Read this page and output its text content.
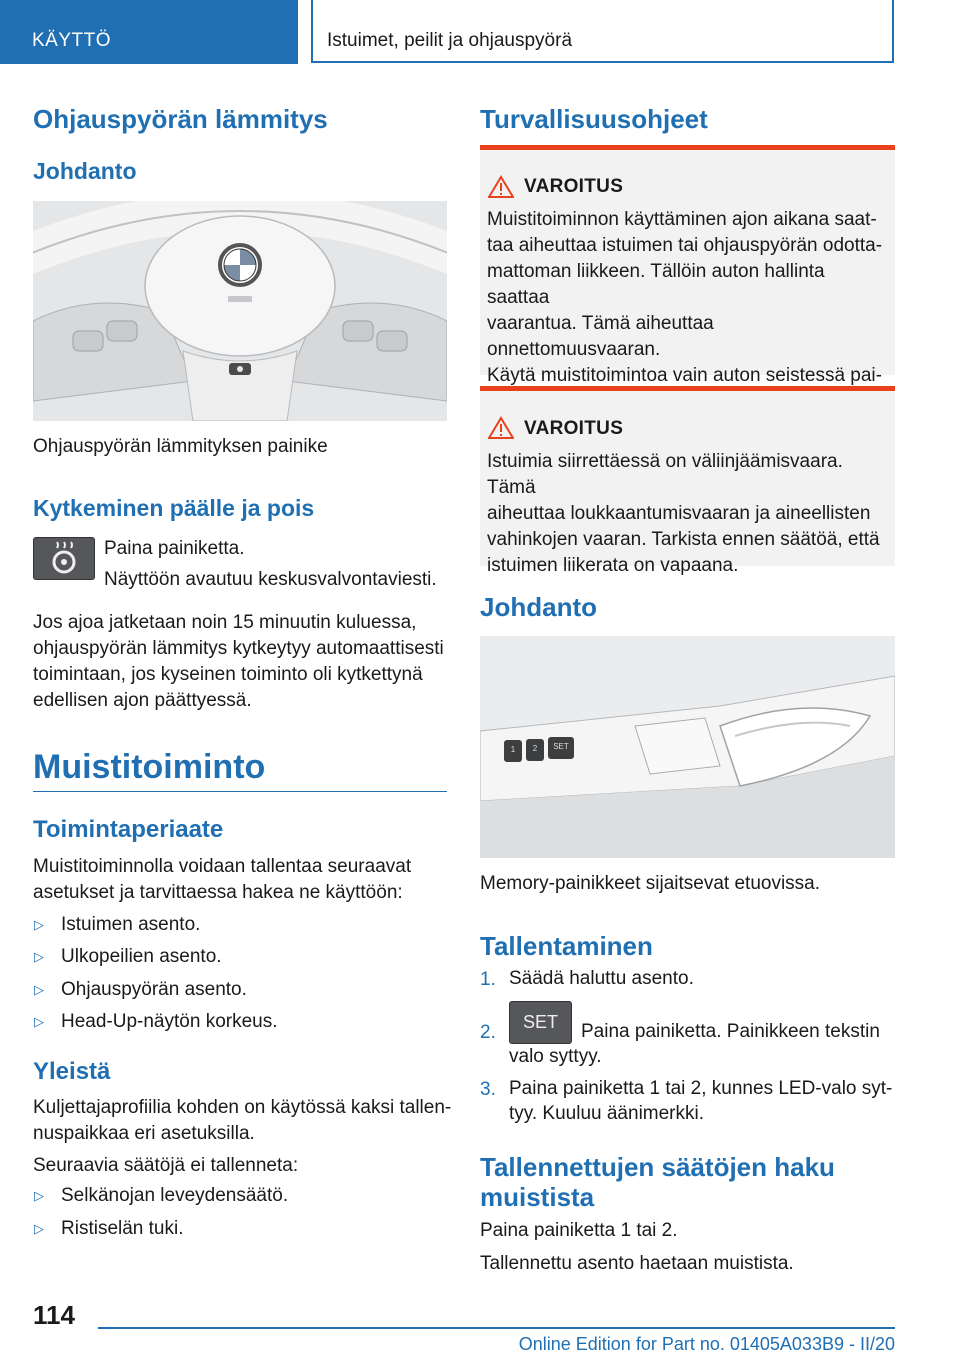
KÄYTTÖ	Istuimet, peilit ja ohjauspyörä
Ohjauspyörän lämmitys
Johdanto
Ohjauspyörän lämmityksen painike
Kytkeminen päälle ja pois
Paina painiketta.
Näyttöön avautuu keskusvalvontaviesti.
Jos ajoa jatketaan noin 15 minuutin kuluessa,
ohjauspyörän lämmitys kytkeytyy automaattisesti
toimintaan, jos kyseinen toiminto oli kytkettynä
edellisen ajon päättyessä.
Muistitoiminto
Toimintaperiaate
Muistitoiminnolla voidaan tallentaa seuraavat
asetukset ja tarvittaessa hakea ne käyttöön:
▷ Istuimen asento.
▷ Ulkopeilien asento.
▷ Ohjauspyörän asento.
▷ Head-Up-näytön korkeus.
Yleistä
Kuljettajaprofiilia kohden on käytössä kaksi tallen-
nuspaikkaa eri asetuksilla.
Seuraavia säätöjä ei tallenneta:
▷ Selkänojan leveydensäätö.
▷ Ristiselän tuki.
Turvallisuusohjeet
VAROITUS
Muistitoiminnon käyttäminen ajon aikana saat-
taa aiheuttaa istuimen tai ohjauspyörän odotta-
mattoman liikkeen. Tällöin auton hallinta saattaa
vaarantua. Tämä aiheuttaa onnettomuusvaaran.
Käytä muistitoimintoa vain auton seistessä pai-
VAROITUS
Istuimia siirrettäessä on väliinjäämisvaara. Tämä
aiheuttaa loukkaantumisvaaran ja aineellisten
vahinkojen vaaran. Tarkista ennen säätöä, että
istuimen liikerata on vapaana.
Johdanto
1	2	SET
Memory-painikkeet sijaitsevat etuovissa.
Tallentaminen
1. Säädä haluttu asento.
2.	SET	Paina painiketta. Painikkeen tekstin
valo syttyy.
3. Paina painiketta 1 tai 2, kunnes LED-valo syt-
tyy. Kuuluu äänimerkki.
Tallennettujen säätöjen haku
muistista
Paina painiketta 1 tai 2.
Tallennettu asento haetaan muistista.
114
Online Edition for Part no. 01405A033B9 - II/20
